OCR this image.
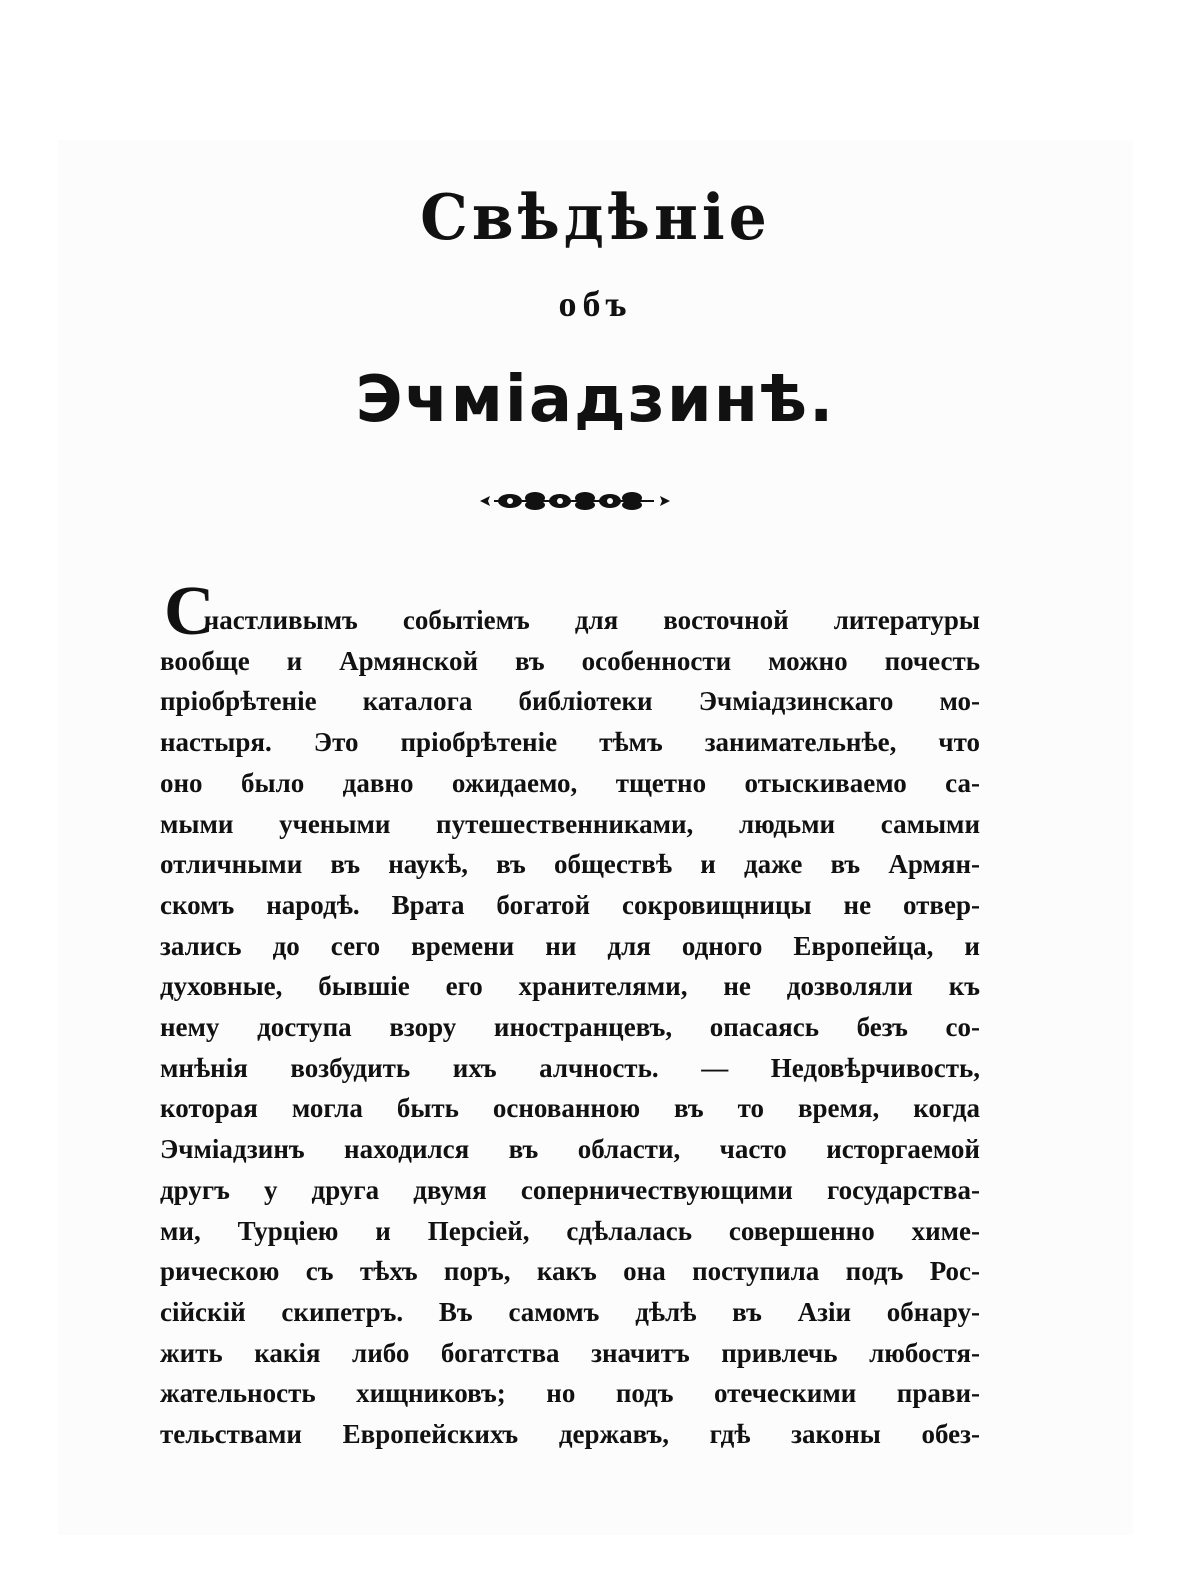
Свѣдѣніе
объ
Эчміадзинѣ.
С
частливымъ событіемъ для восточной литературы
вообще и Армянской въ особенности можно почесть
пріобрѣтеніе каталога библіотеки Эчміадзинскаго мо-
настыря. Это пріобрѣтеніе тѣмъ занимательнѣе, что
оно было давно ожидаемо, тщетно отыскиваемо са-
мыми учеными путешественниками, людьми самыми
отличными въ наукѣ, въ обществѣ и даже въ Армян-
скомъ народѣ. Врата богатой сокровищницы не отвер-
зались до сего времени ни для одного Европейца, и
духовные, бывшіе его хранителями, не дозволяли къ
нему доступа взору иностранцевъ, опасаясь безъ со-
мнѣнія возбудить ихъ алчность. — Недовѣрчивость,
которая могла быть основанною въ то время, когда
Эчміадзинъ находился въ области, часто исторгаемой
другъ у друга двумя соперничествующими государства-
ми, Турціею и Персіей, сдѣлалась совершенно химе-
рическою съ тѣхъ поръ, какъ она поступила подъ Рос-
сійскій скипетръ. Въ самомъ дѣлѣ въ Азіи обнару-
жить какія либо богатства значитъ привлечь любостя-
жательность хищниковъ; но подъ отеческими прави-
тельствами Европейскихъ державъ, гдѣ законы обез-
